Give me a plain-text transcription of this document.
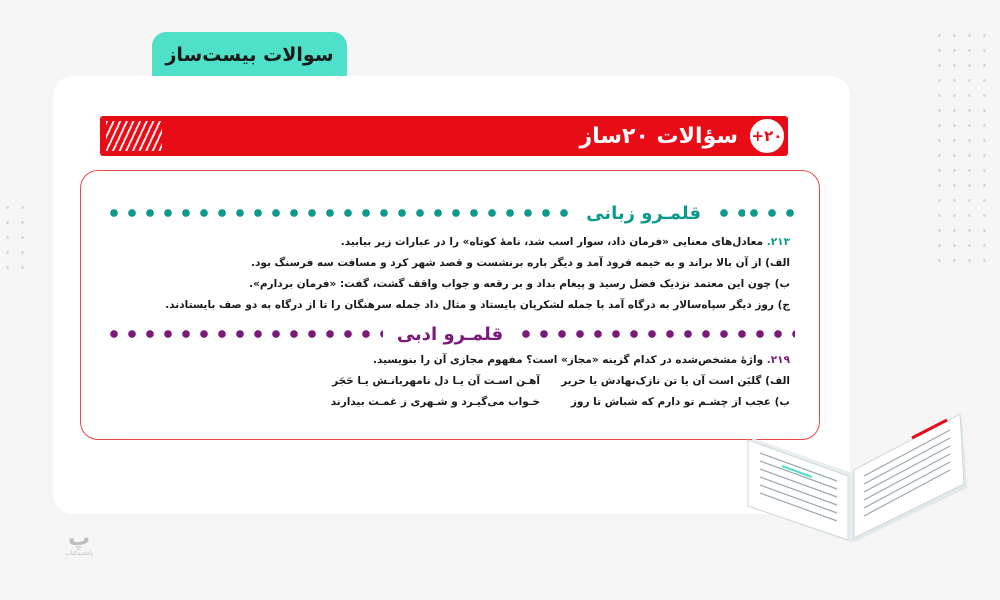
سوالات بیست‌ساز
سؤالات ۲۰ساز +۲۰
قلمـرو زبانی
۲۱۳. معادل‌های معنایی «فرمان داد، سوار اسب شد، نامهٔ کوتاه» را در عبارات زیر بیابید.
الف) از آن بالا براند و به خیمه فرود آمد و دیگر باره برنشست و قصد شهر کرد و مسافت سه فرسنگ بود.
ب) چون این معتمد نزدیک فضل رسید و پیغام بداد و بر رقعه و جواب واقف گشت، گفت: «فرمان بردارم».
ج) روز دیگر سپاه‌سالار به درگاه آمد با جمله لشکریان بایستاد و مثال داد جمله سرهنگان را تا از درگاه به دو صف بایستادند.
قلمـرو ادبی
۲۱۹. واژهٔ مشخص‌شده در کدام گزینه «مجاز» است؟ مفهوم مجازی آن را بنویسید.
الف) گلبَن است آن یا تن نازک‌نهادش یا حریر
آهـن اسـت آن یـا دل نامهربانـش یـا حَجَر
ب) عجب از چشـم تو دارم که شباش تا روز
خـواب می‌گیـرد و شـهری ز غمـت بیدارند
ﭖ
پاتختـه‌کتاب
